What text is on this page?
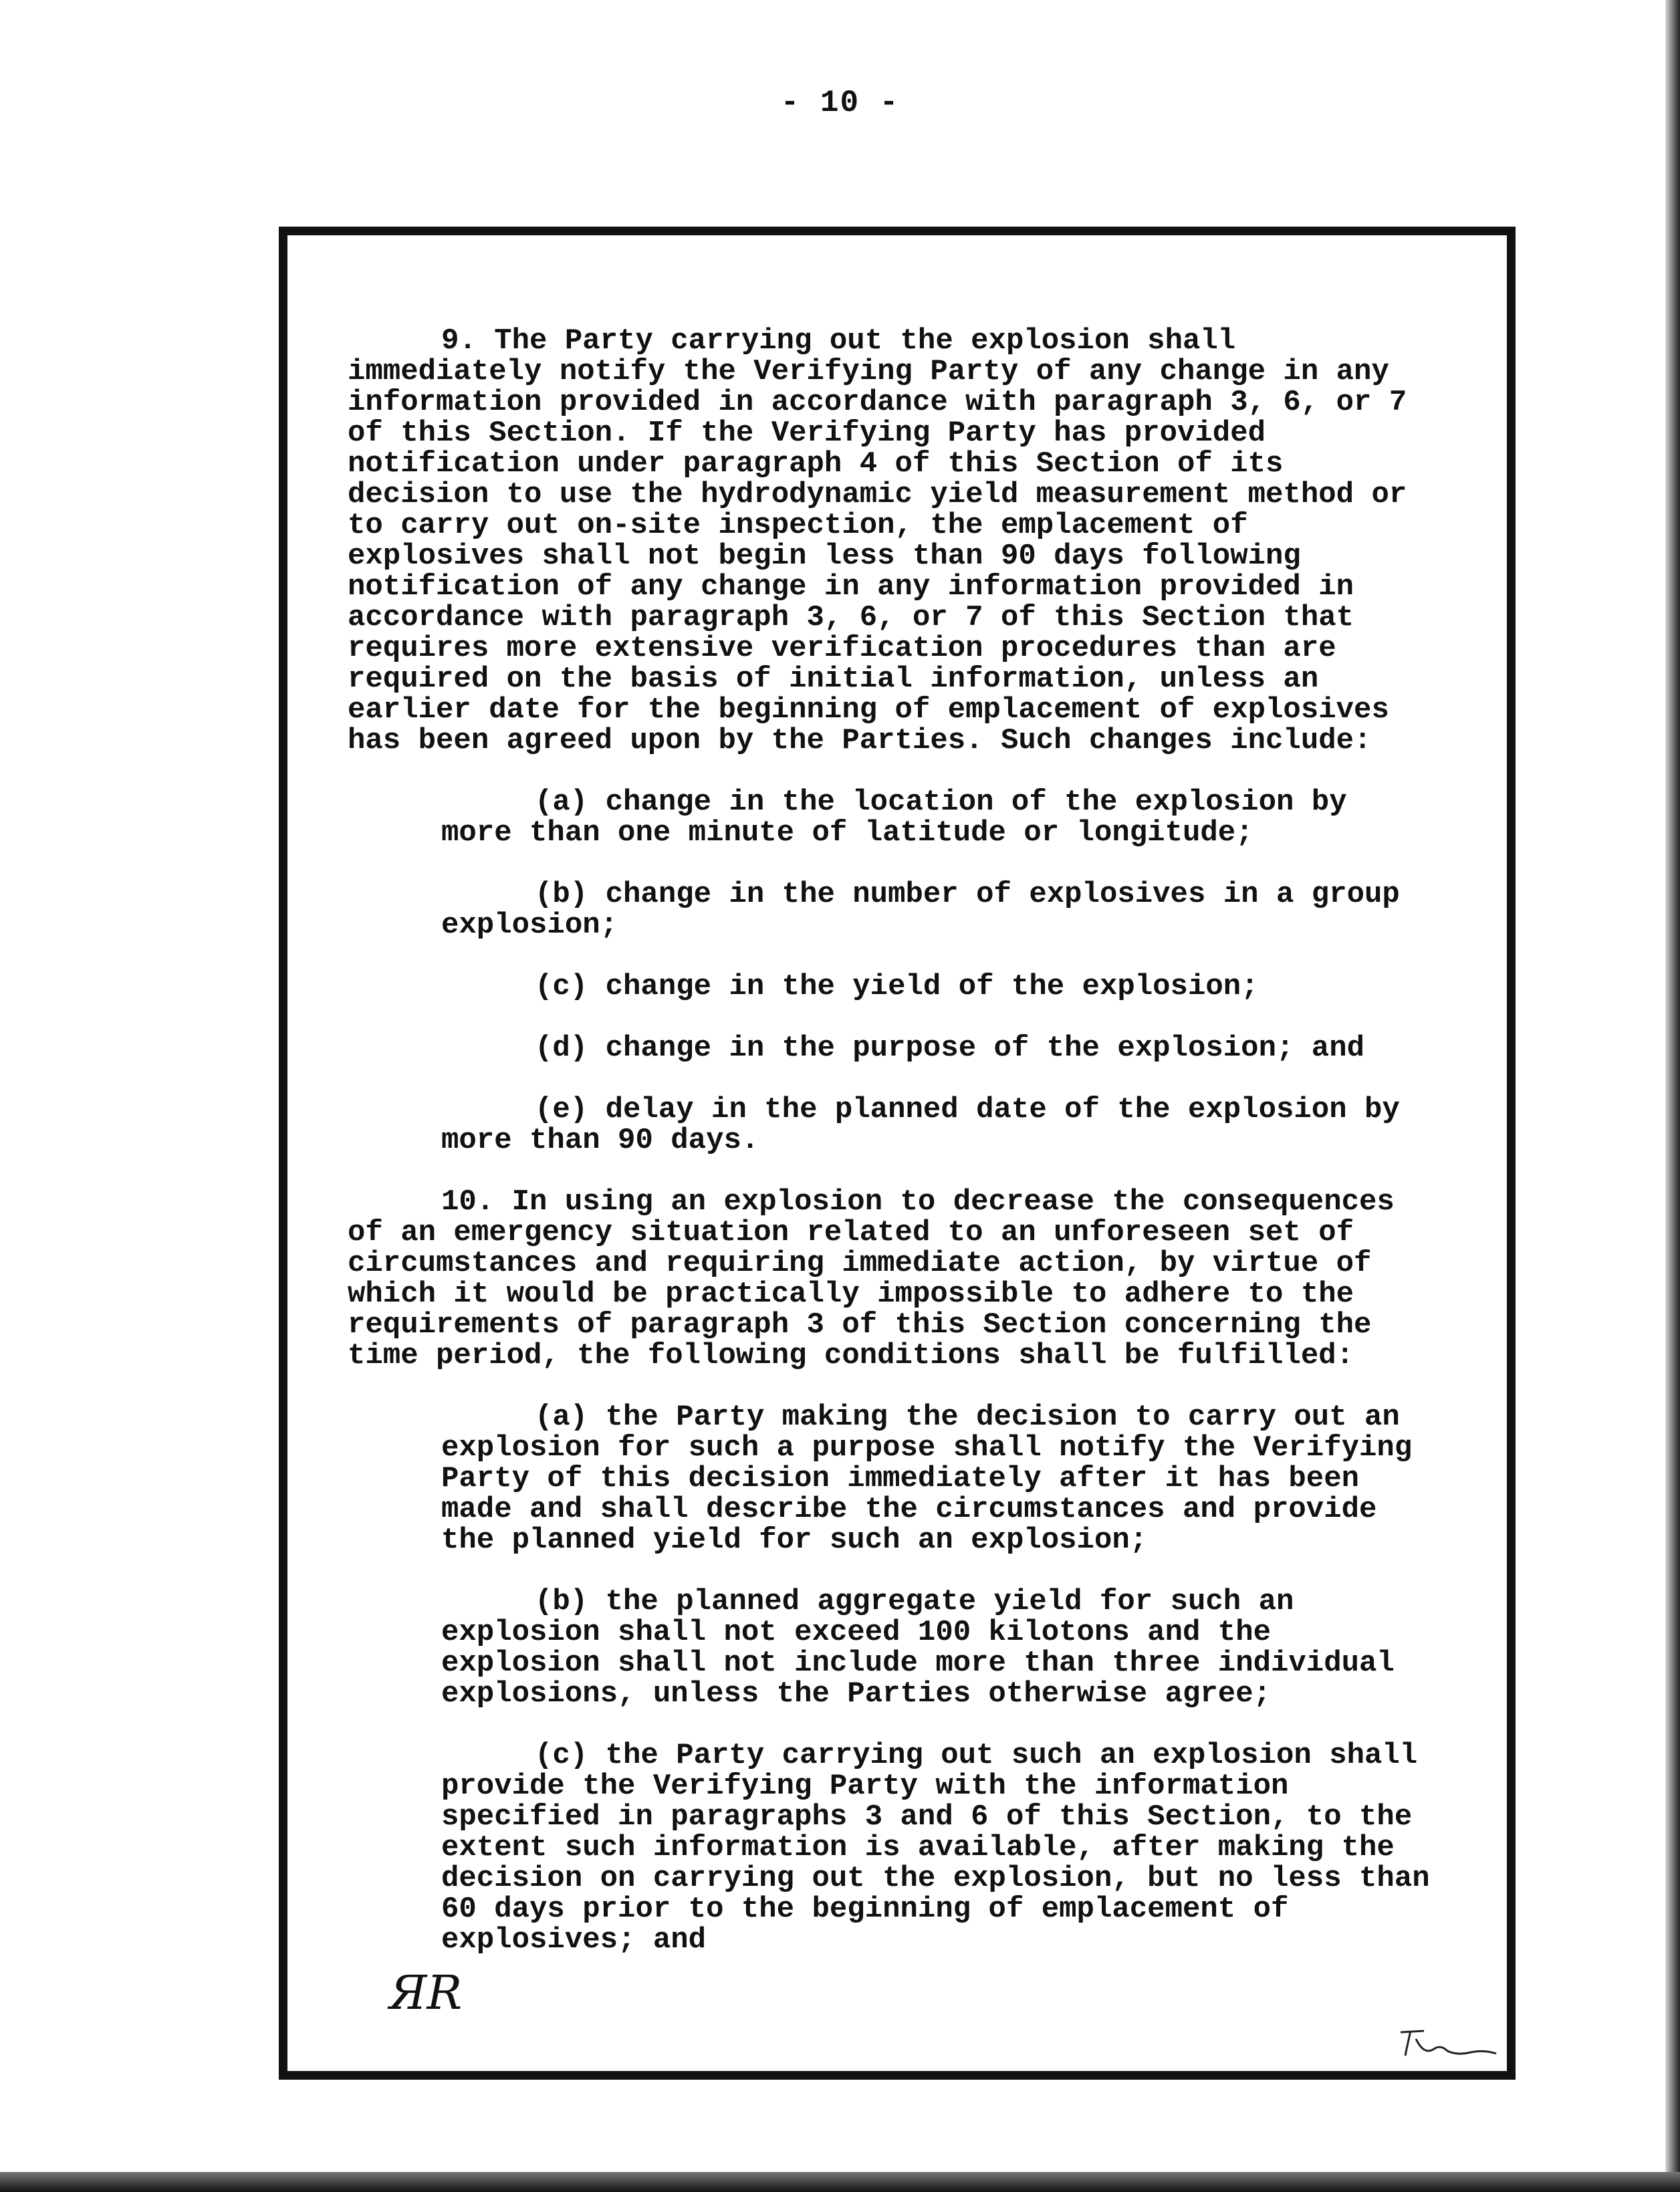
- 10 -

9. The Party carrying out the explosion shall immediately notify the Verifying Party of any change in any information provided in accordance with paragraph 3, 6, or 7 of this Section. If the Verifying Party has provided notification under paragraph 4 of this Section of its decision to use the hydrodynamic yield measurement method or to carry out on-site inspection, the emplacement of explosives shall not begin less than 90 days following notification of any change in any information provided in accordance with paragraph 3, 6, or 7 of this Section that requires more extensive verification procedures than are required on the basis of initial information, unless an earlier date for the beginning of emplacement of explosives has been agreed upon by the Parties. Such changes include:

(a) change in the location of the explosion by more than one minute of latitude or longitude;

(b) change in the number of explosives in a group explosion;

(c) change in the yield of the explosion;

(d) change in the purpose of the explosion; and

(e) delay in the planned date of the explosion by more than 90 days.

10. In using an explosion to decrease the consequences of an emergency situation related to an unforeseen set of circumstances and requiring immediate action, by virtue of which it would be practically impossible to adhere to the requirements of paragraph 3 of this Section concerning the time period, the following conditions shall be fulfilled:

(a) the Party making the decision to carry out an explosion for such a purpose shall notify the Verifying Party of this decision immediately after it has been made and shall describe the circumstances and provide the planned yield for such an explosion;

(b) the planned aggregate yield for such an explosion shall not exceed 100 kilotons and the explosion shall not include more than three individual explosions, unless the Parties otherwise agree;

(c) the Party carrying out such an explosion shall provide the Verifying Party with the information specified in paragraphs 3 and 6 of this Section, to the extent such information is available, after making the decision on carrying out the explosion, but no less than 60 days prior to the beginning of emplacement of explosives; and

ЯR
